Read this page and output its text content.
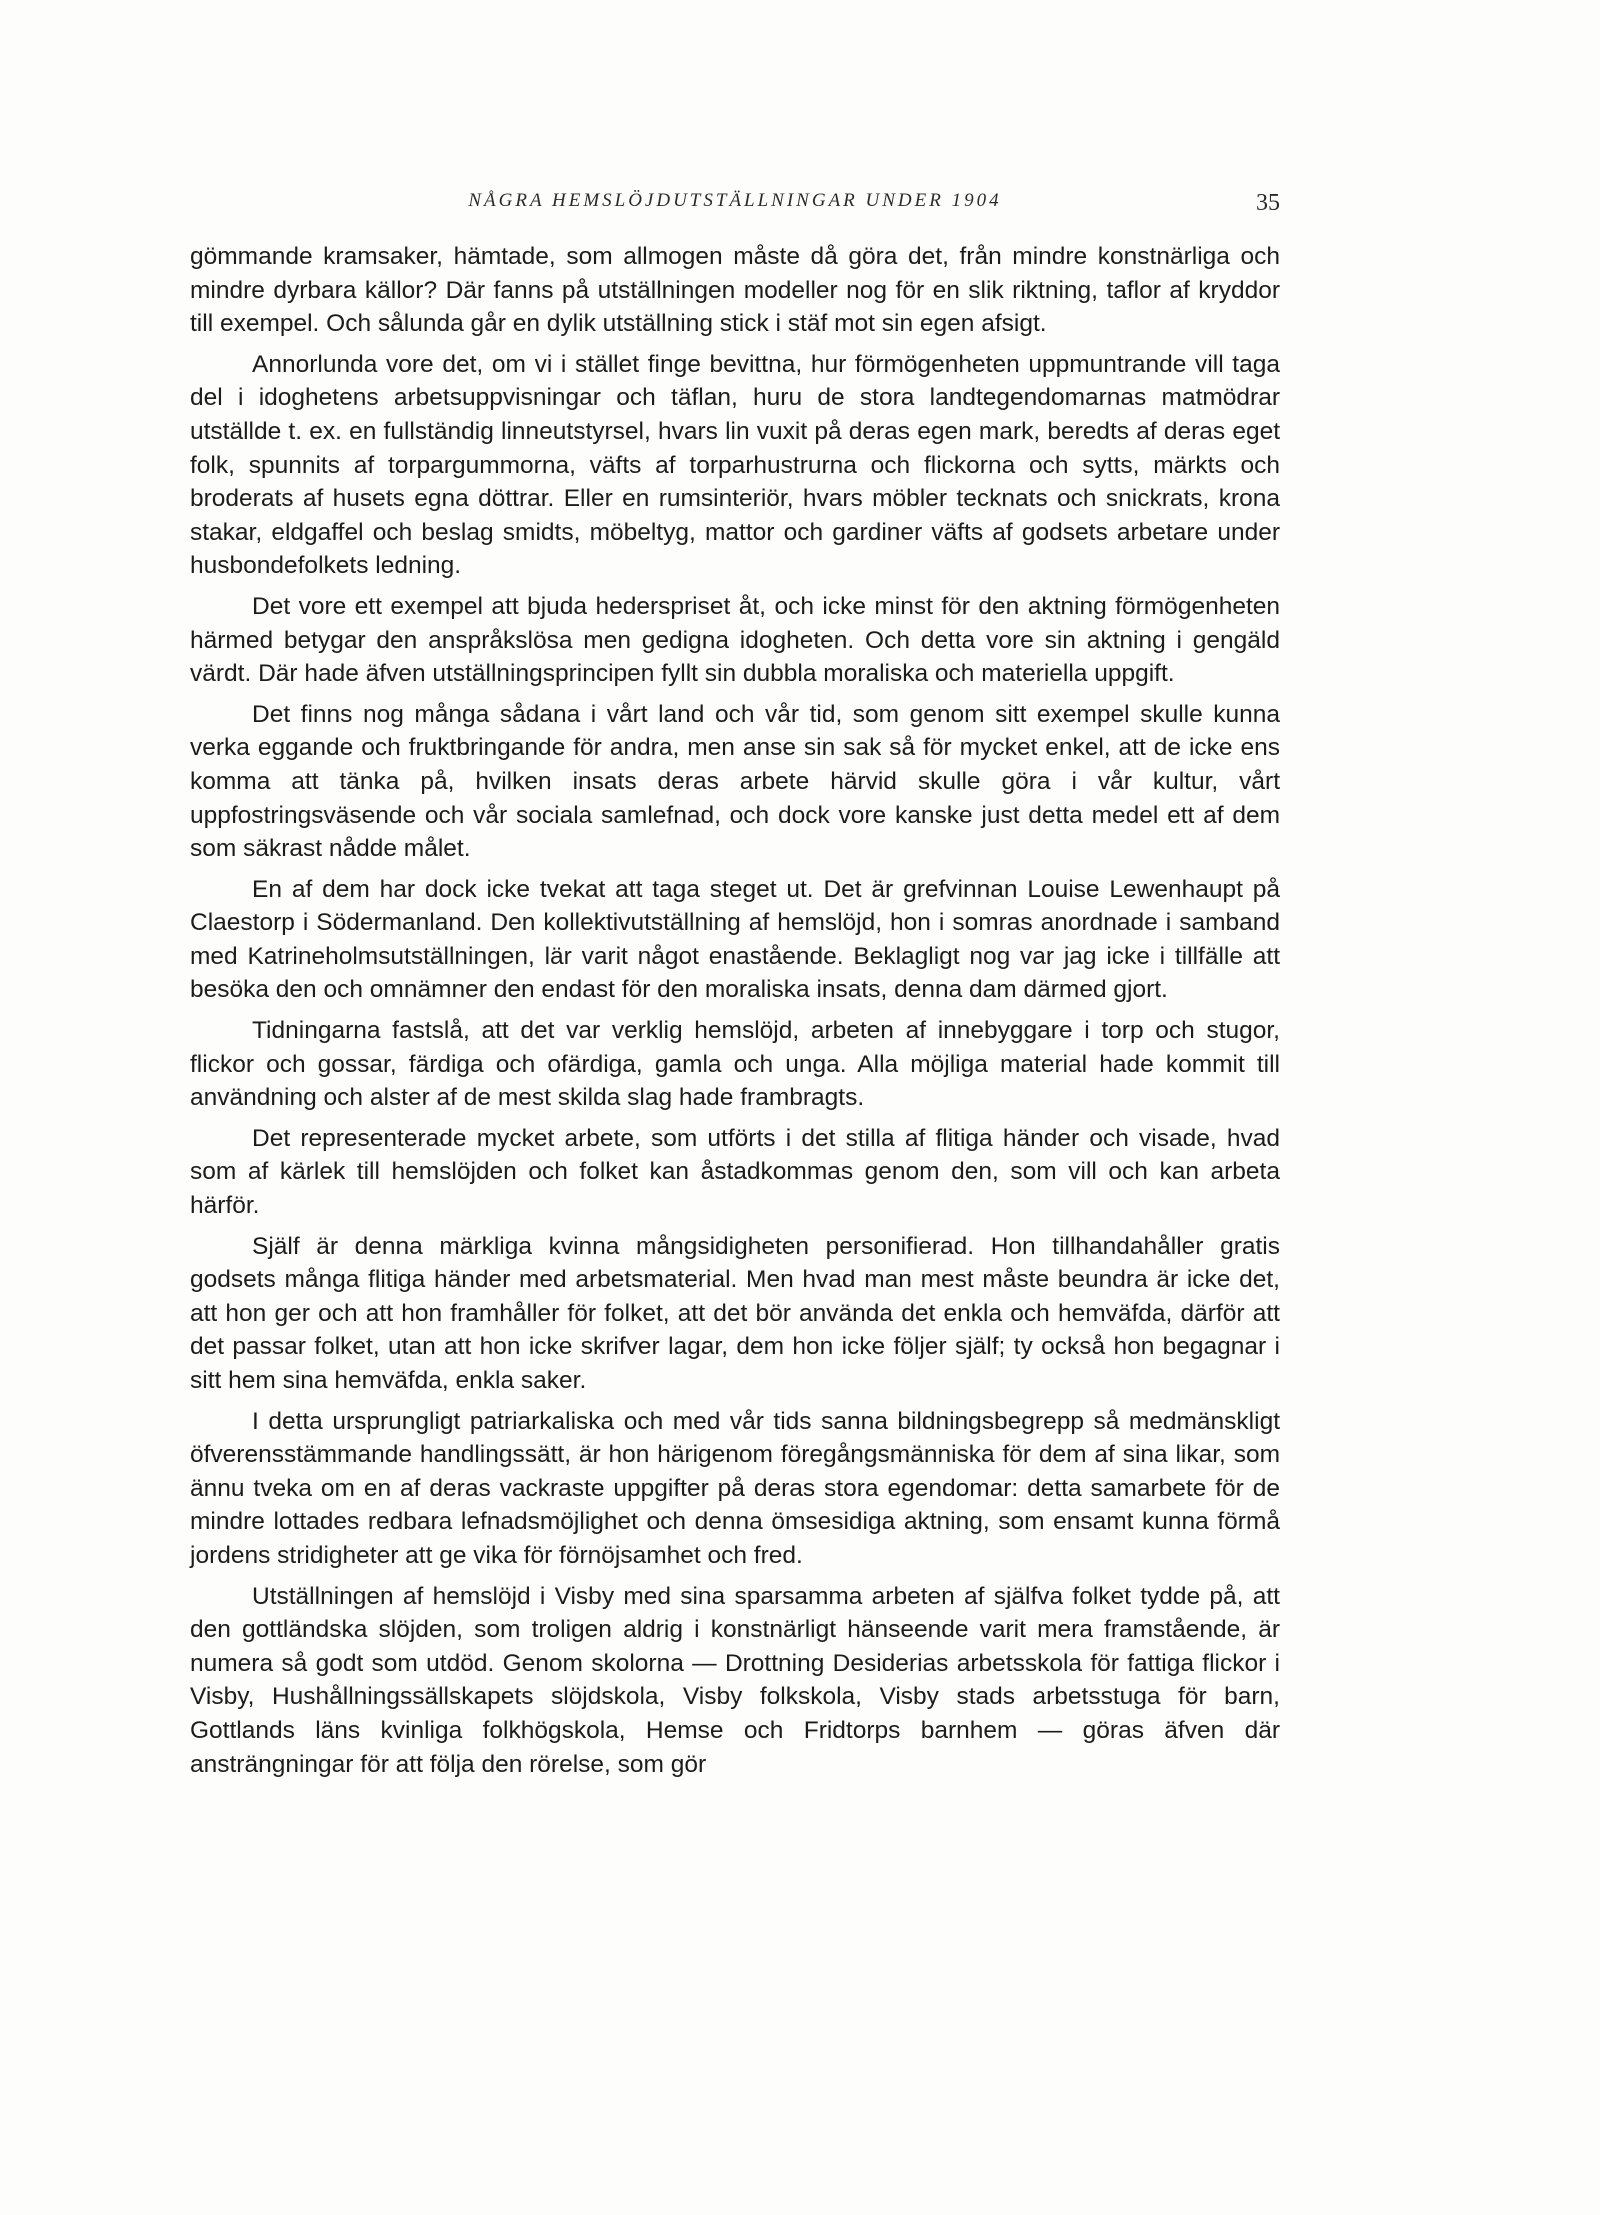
NÅGRA HEMSLÖJDUTSTÄLLNINGAR UNDER 1904	35

gömmande kramsaker, hämtade, som allmogen måste då göra det, från mindre konstnärliga och mindre dyrbara källor? Där fanns på utställningen modeller nog för en slik riktning, taflor af kryddor till exempel. Och sålunda går en dylik utställning stick i stäf mot sin egen afsigt.

Annorlunda vore det, om vi i stället finge bevittna, hur förmögenheten uppmuntrande vill taga del i idoghetens arbetsuppvisningar och täflan, huru de stora landtegendomarnas matmödrar utställde t. ex. en fullständig linneutstyrsel, hvars lin vuxit på deras egen mark, beredts af deras eget folk, spunnits af torpargummorna, väfts af torparhustrurna och flickorna och sytts, märkts och broderats af husets egna döttrar. Eller en rumsinteriör, hvars möbler tecknats och snickrats, krona stakar, eldgaffel och beslag smidts, möbeltyg, mattor och gardiner väfts af godsets arbetare under husbondefolkets ledning.

Det vore ett exempel att bjuda hederspriset åt, och icke minst för den aktning förmögenheten härmed betygar den anspråkslösa men gedigna idogheten. Och detta vore sin aktning i gengäld värdt. Där hade äfven utställningsprincipen fyllt sin dubbla moraliska och materiella uppgift.

Det finns nog många sådana i vårt land och vår tid, som genom sitt exempel skulle kunna verka eggande och fruktbringande för andra, men anse sin sak så för mycket enkel, att de icke ens komma att tänka på, hvilken insats deras arbete härvid skulle göra i vår kultur, vårt uppfostringsväsende och vår sociala samlefnad, och dock vore kanske just detta medel ett af dem som säkrast nådde målet.

En af dem har dock icke tvekat att taga steget ut. Det är grefvinnan Louise Lewenhaupt på Claestorp i Södermanland. Den kollektivutställning af hemslöjd, hon i somras anordnade i samband med Katrineholmsutställningen, lär varit något enastående. Beklagligt nog var jag icke i tillfälle att besöka den och omnämner den endast för den moraliska insats, denna dam därmed gjort.

Tidningarna fastslå, att det var verklig hemslöjd, arbeten af innebyggare i torp och stugor, flickor och gossar, färdiga och ofärdiga, gamla och unga. Alla möjliga material hade kommit till användning och alster af de mest skilda slag hade frambragts.

Det representerade mycket arbete, som utförts i det stilla af flitiga händer och visade, hvad som af kärlek till hemslöjden och folket kan åstadkommas genom den, som vill och kan arbeta härför.

Själf är denna märkliga kvinna mångsidigheten personifierad. Hon tillhandahåller gratis godsets många flitiga händer med arbetsmaterial. Men hvad man mest måste beundra är icke det, att hon ger och att hon framhåller för folket, att det bör använda det enkla och hemväfda, därför att det passar folket, utan att hon icke skrifver lagar, dem hon icke följer själf; ty också hon begagnar i sitt hem sina hemväfda, enkla saker.

I detta ursprungligt patriarkaliska och med vår tids sanna bildningsbegrepp så medmänskligt öfverensstämmande handlingssätt, är hon härigenom föregångsmänniska för dem af sina likar, som ännu tveka om en af deras vackraste uppgifter på deras stora egendomar: detta samarbete för de mindre lottades redbara lefnadsmöjlighet och denna ömsesidiga aktning, som ensamt kunna förmå jordens stridigheter att ge vika för förnöjsamhet och fred.

Utställningen af hemslöjd i Visby med sina sparsamma arbeten af själfva folket tydde på, att den gottländska slöjden, som troligen aldrig i konstnärligt hänseende varit mera framstående, är numera så godt som utdöd. Genom skolorna — Drottning Desiderias arbetsskola för fattiga flickor i Visby, Hushållningssällskapets slöjdskola, Visby folkskola, Visby stads arbetsstuga för barn, Gottlands läns kvinliga folkhögskola, Hemse och Fridtorps barnhem — göras äfven där ansträngningar för att följa den rörelse, som gör
